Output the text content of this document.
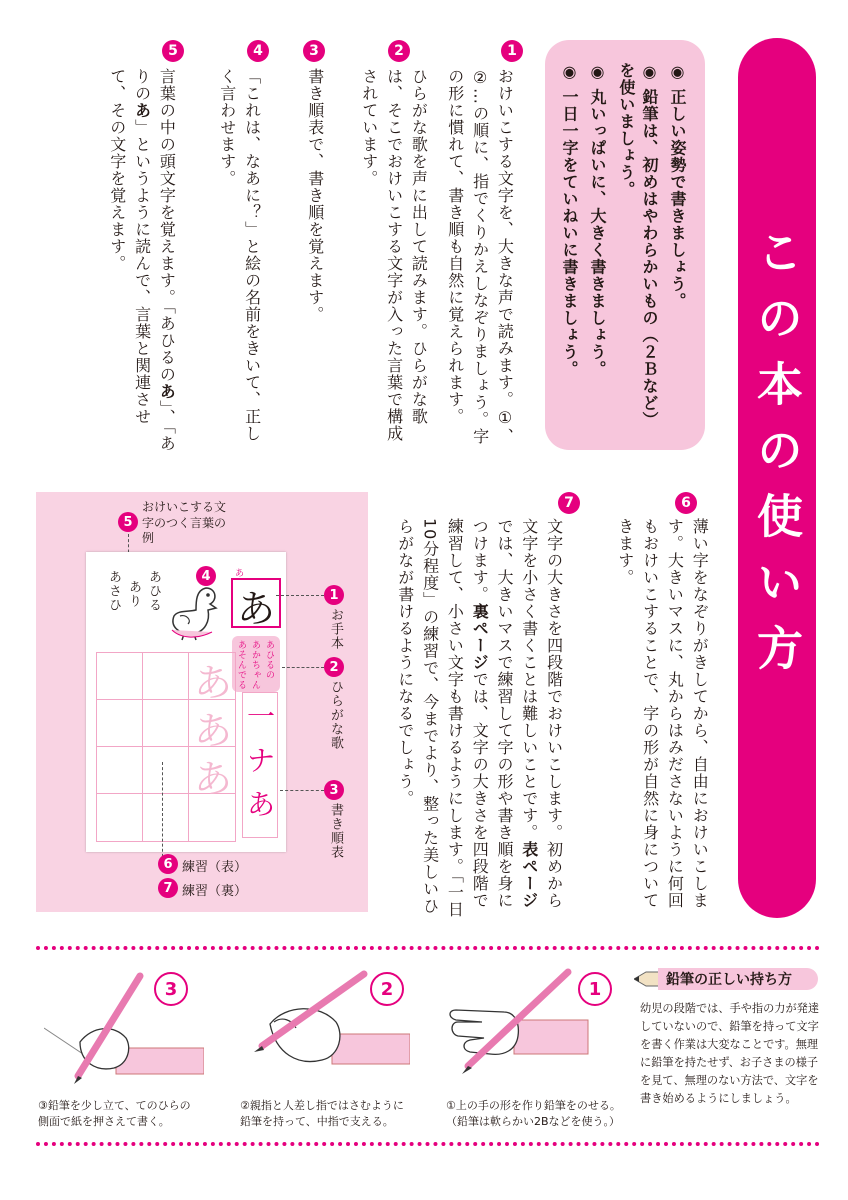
この本の使い方
◉ 正しい姿勢で書きましょう。
◉ 鉛筆は、初めはやわらかいもの（２Ｂなど）を使いましょう。
◉ 丸いっぱいに、大きく書きましょう。
◉ 一日一字をていねいに書きましょう。
1
おけいこする文字を、大きな声で読みます。①、②…の順に、指でくりかえしなぞりましょう。字の形に慣れて、書き順も自然に覚えられます。
2
ひらがな歌を声に出して読みます。ひらがな歌は、そこでおけいこする文字が入った言葉で構成されています。
3
書き順表で、書き順を覚えます。
4
「これは、なあに？」と絵の名前をきいて、正しく言わせます。
5
言葉の中の頭文字を覚えます。「あひるのあ」、「ありのあ」というように読んで、言葉と関連させて、その文字を覚えます。
6
薄い字をなぞりがきしてから、自由におけいこします。大きいマスに、丸からはみださないように何回もおけいこすることで、字の形が自然に身についてきます。
7
文字の大きさを四段階でおけいこします。初めから文字を小さく書くことは難しいことです。表ページでは、大きいマスで練習して字の形や書き順を身につけます。裏ページでは、文字の大きさを四段階で練習して、小さい文字も書けるようにします。「一日10分程度」の練習で、今までより、整った美しいひらがなが書けるようになるでしょう。
5
おけいこする文字のつく言葉の例
あひる
あり
あさひ	4	あ
あ
あひるの
あかちゃん
あそんでる
あ
あ
あ
一
ナ
あ
1
お手本
2
ひらがな歌
3
書き順表
6 練習（表）
7 練習（裏）
3
③鉛筆を少し立て、てのひらの
側面で紙を押さえて書く。
2
②親指と人差し指ではさむように
鉛筆を持って、中指で支える。
1
①上の手の形を作り鉛筆をのせる。
（鉛筆は軟らかい2Bなどを使う。）
鉛筆の正しい持ち方
幼児の段階では、手や指の力が発達していないので、鉛筆を持って文字を書く作業は大変なことです。無理に鉛筆を持たせず、お子さまの様子を見て、無理のない方法で、文字を書き始めるようにしましょう。
